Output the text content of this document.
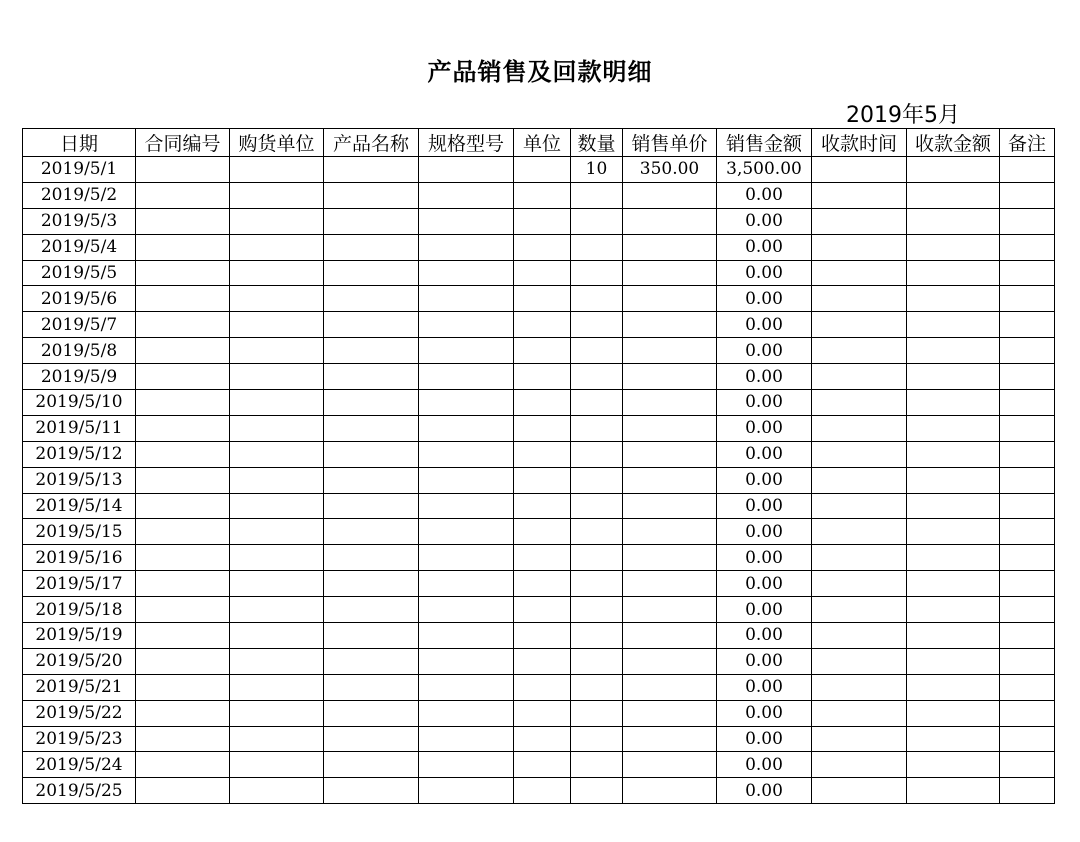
产品销售及回款明细
2019年5月
日期	合同编号	购货单位	产品名称	规格型号	单位	数量	销售单价	销售金额	收款时间	收款金额	备注
2019/5/1						10	350.00	3,500.00			
2019/5/2								0.00			
2019/5/3								0.00			
2019/5/4								0.00			
2019/5/5								0.00			
2019/5/6								0.00			
2019/5/7								0.00			
2019/5/8								0.00			
2019/5/9								0.00			
2019/5/10								0.00			
2019/5/11								0.00			
2019/5/12								0.00			
2019/5/13								0.00			
2019/5/14								0.00			
2019/5/15								0.00			
2019/5/16								0.00			
2019/5/17								0.00			
2019/5/18								0.00			
2019/5/19								0.00			
2019/5/20								0.00			
2019/5/21								0.00			
2019/5/22								0.00			
2019/5/23								0.00			
2019/5/24								0.00			
2019/5/25								0.00			
